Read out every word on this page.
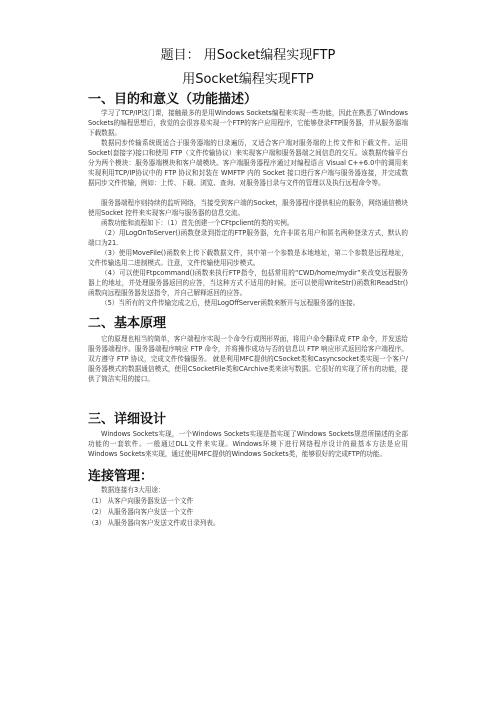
题目： 用Socket编程实现FTP
用Socket编程实现FTP
一、目的和意义（功能描述）

学习了TCP/IP这门课，接触最多的是用Windows Sockets编程来实现一些功能，因此在熟悉了Windows Sockets的编程思想后，我觉的会很容易实现一个FTP的客户应用程序，它能够登录FTP服务器，并从服务器端下载数据。

数据同步传输系统既适合于服务器端的目录遍历，又适合客户端对服务端的上传文件和下载文件。运用Socket(套接字)接口和使用 FTP（文件传输协议）来实现客户端和服务器端之间信息的交互。该数据传输平台分为两个模块：服务器端模块和客户端模块。客户端服务器程序通过对编程语言 Visual C++6.0中的调用来实现利用TCP/IP协议中的 FTP 协议和封装在 WMFTP 内的 Socket 接口进行客户端与服务器连接，并完成数据同步文件传输，例如：上传、下载、浏览、查询、对服务器目录与文件的管理以及执行远程命令等。

服务器端程序则持续的监听网络，当接受到客户端的Socket，服务器程序提供相应的服务，网络通信模块使用Socket 控件来实现客户端与服务器的信息交流。

函数功能和流程如下：（1）首先创建一个CFtpclient的类的实例。

（2）用LogOnToServer()函数登录到指定的FTP服务器，允许非匿名用户和匿名两种登录方式，默认的端口为21.

（3）使用MoveFile()函数来上传下载数据文件，其中第一个参数是本地地址，第二个参数是远程地址，文件传输选用二进制模式。注意，文件传输使用同步模式。

（4）可以使用Ftpcommand()函数来执行FTP指令，包括常用的“CWD/home/mydir”来改变远程服务器上的地址，并处理服务器返回的应答，当这种方式不适用的时候，还可以使用WriteStr()函数和ReadStr()函数向远程服务器发送指令，并自己解释返回的应答。

（5）当所有的文件传输完成之后，使用LogOffServer函数来断开与远程服务器的连接。

二、基本原理

它的原理也相当的简单，客户端程序实现一个命令行或图形界面，将用户命令翻译成 FTP 命令，并发送给服务器端程序。服务器端程序响应 FTP 命令，并将操作成功与否的信息以 FTP 响应形式返回给客户端程序。双方遵守 FTP 协议，完成文件传输服务。 就是利用MFC提供的CSocket类和Casyncsocket类实现一个客户/服务器模式的数据通信模式，使用CSocketFile类和CArchive类来读写数据。它很好的实现了所有的功能，提供了简洁实用的接口。

三、详细设计

Windows Sockets实现，一个Windows Sockets实现是指实现了Windows Sockets规范所描述的全部功能的一套软件。一般通过DLL文件来实现。Windows环境下进行网络程序设计的最基本方法是应用Windows Sockets来实现，通过使用MFC提供的Windows Sockets类，能够很好的完成FTP的功能。

连接管理：

数据连接有3大用途：

（1） 从客户向服务器发送一个文件

（2） 从服务器向客户发送一个文件

（3） 从服务器向客户发送文件或目录列表。
